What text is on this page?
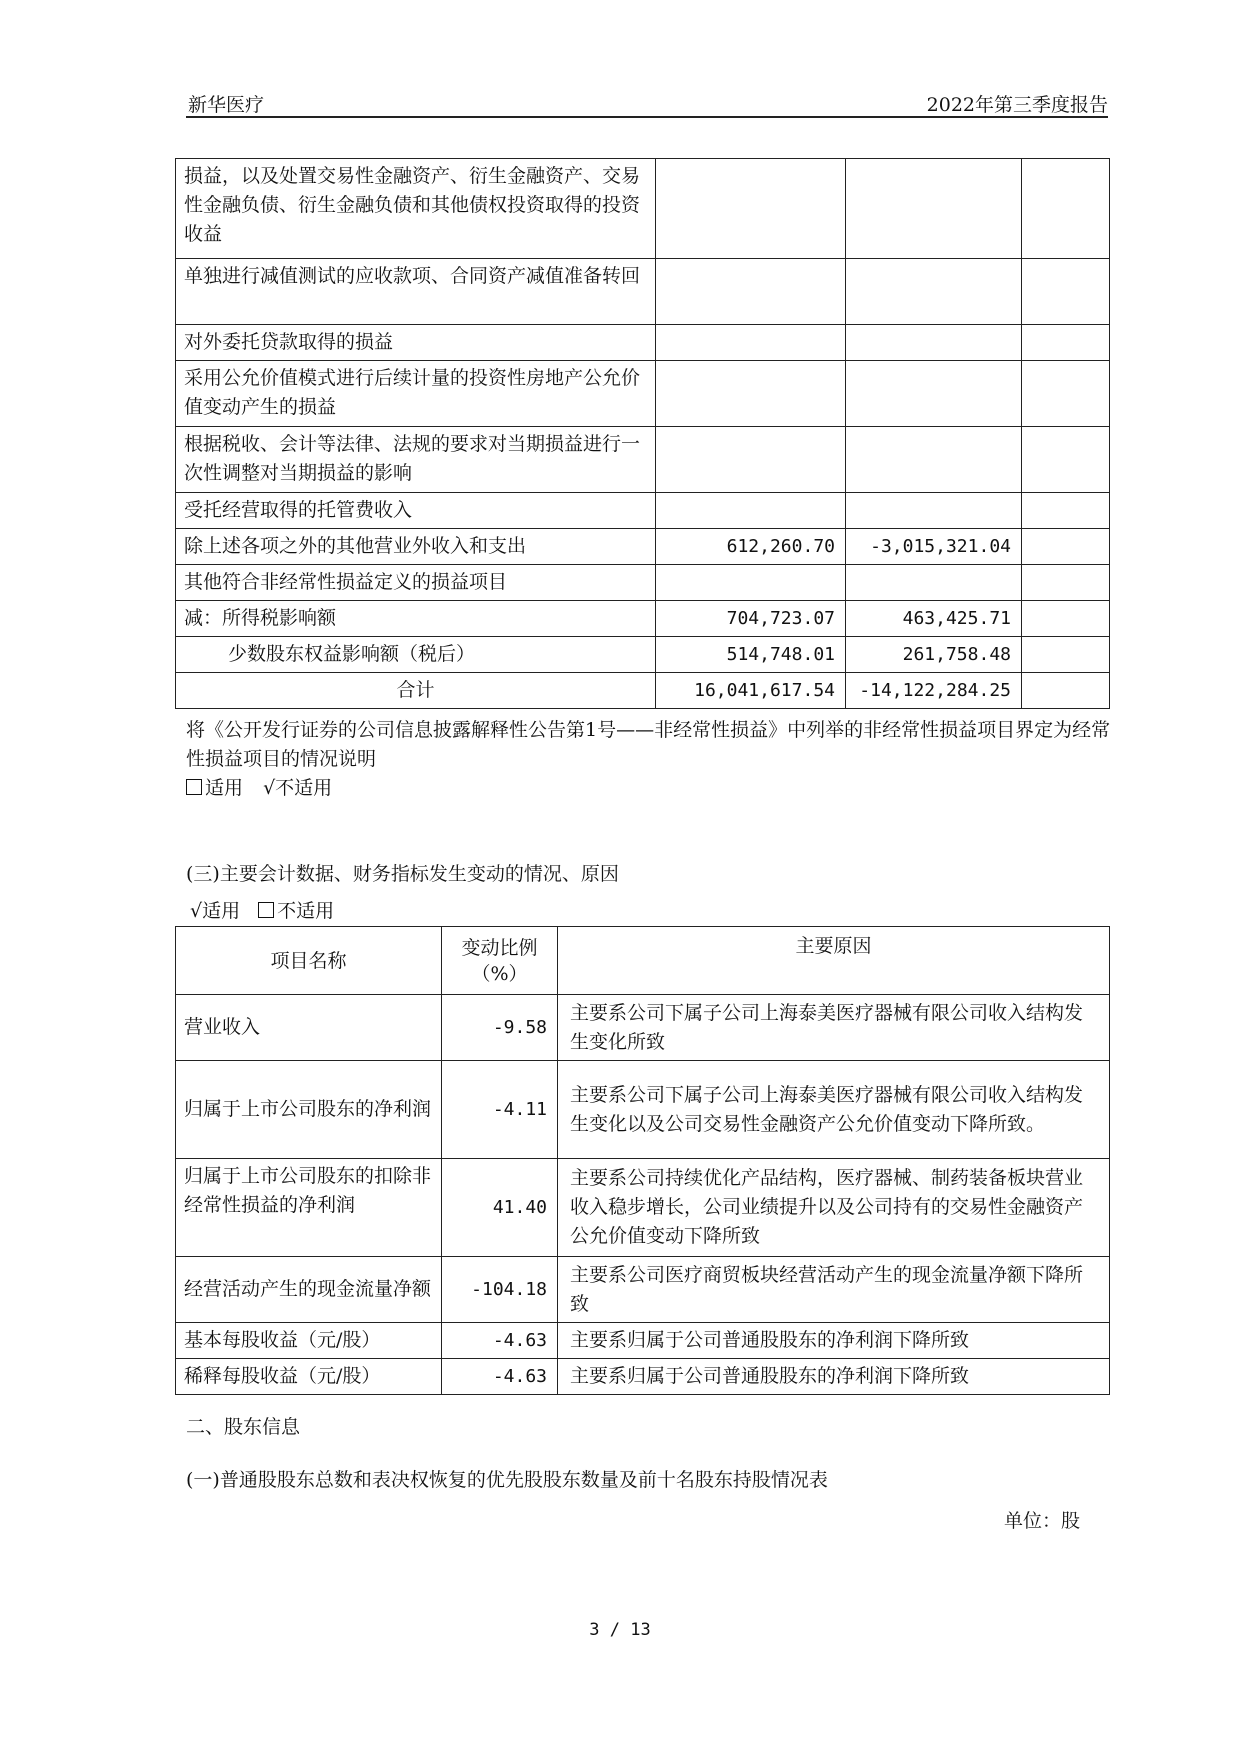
新华医疗	2022年第三季度报告
损益，以及处置交易性金融资产、衍生金融资产、交易性金融负债、衍生金融负债和其他债权投资取得的投资收益			
单独进行减值测试的应收款项、合同资产减值准备转回			
对外委托贷款取得的损益			
采用公允价值模式进行后续计量的投资性房地产公允价值变动产生的损益			
根据税收、会计等法律、法规的要求对当期损益进行一次性调整对当期损益的影响			
受托经营取得的托管费收入			
除上述各项之外的其他营业外收入和支出	612,260.70	-3,015,321.04	
其他符合非经常性损益定义的损益项目			
减：所得税影响额	704,723.07	463,425.71	
少数股东权益影响额（税后）	514,748.01	261,758.48	
合计	16,041,617.54	-14,122,284.25	
将《公开发行证券的公司信息披露解释性公告第1号——非经常性损益》中列举的非经常性损益项目界定为经常性损益项目的情况说明
适用 √不适用
(三)主要会计数据、财务指标发生变动的情况、原因
√适用 不适用
项目名称	变动比例（%）	主要原因
营业收入	-9.58	主要系公司下属子公司上海泰美医疗器械有限公司收入结构发生变化所致
归属于上市公司股东的净利润	-4.11	主要系公司下属子公司上海泰美医疗器械有限公司收入结构发生变化以及公司交易性金融资产公允价值变动下降所致。
归属于上市公司股东的扣除非经常性损益的净利润	41.40	主要系公司持续优化产品结构，医疗器械、制药装备板块营业收入稳步增长，公司业绩提升以及公司持有的交易性金融资产公允价值变动下降所致
经营活动产生的现金流量净额	-104.18	主要系公司医疗商贸板块经营活动产生的现金流量净额下降所致
基本每股收益（元/股）	-4.63	主要系归属于公司普通股股东的净利润下降所致
稀释每股收益（元/股）	-4.63	主要系归属于公司普通股股东的净利润下降所致
二、股东信息
(一)普通股股东总数和表决权恢复的优先股股东数量及前十名股东持股情况表
单位：股
3 / 13
